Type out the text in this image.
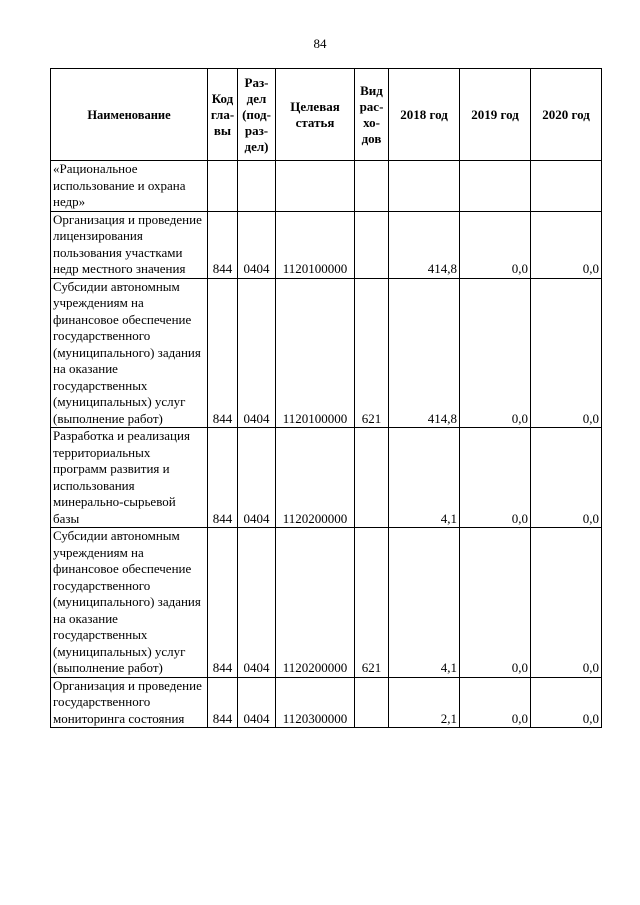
84
Наименование	Код гла-вы	Раз-дел (под-раз-дел)	Целевая статья	Вид рас-хо-дов	2018 год	2019 год	2020 год
«Рациональное использование и охрана недр»							
Организация и проведение лицензирования пользования участками недр местного значения	844	0404	1120100000		414,8	0,0	0,0
Субсидии автономным учреждениям на финансовое обеспечение государственного (муниципального) задания на оказание государственных (муниципальных) услуг (выполнение работ)	844	0404	1120100000	621	414,8	0,0	0,0
Разработка и реализация территориальных программ развития и использования минерально-сырьевой базы	844	0404	1120200000		4,1	0,0	0,0
Субсидии автономным учреждениям на финансовое обеспечение государственного (муниципального) задания на оказание государственных (муниципальных) услуг (выполнение работ)	844	0404	1120200000	621	4,1	0,0	0,0
Организация и проведение государственного мониторинга состояния	844	0404	1120300000		2,1	0,0	0,0
